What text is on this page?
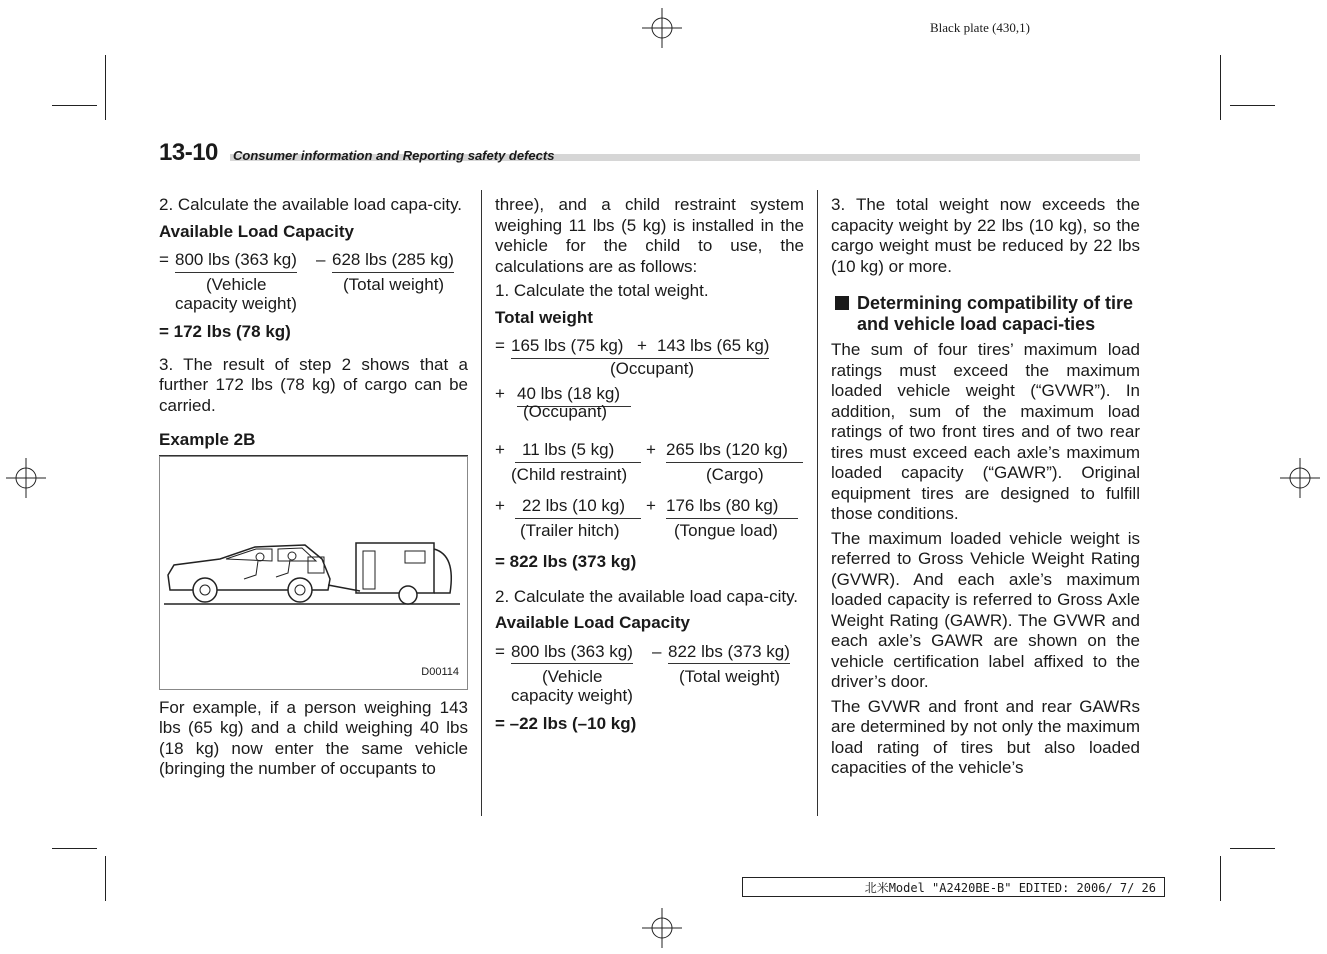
Black plate (430,1)
13-10 Consumer information and Reporting safety defects

2. Calculate the available load capa-city.

Available Load Capacity

= 800 lbs (363 kg) – 628 lbs (285 kg)
(Vehicle
capacity weight)
(Total weight)

= 172 lbs (78 kg)

3. The result of step 2 shows that a further 172 lbs (78 kg) of cargo can be carried.

Example 2B

D00114

For example, if a person weighing 143 lbs (65 kg) and a child weighing 40 lbs (18 kg) now enter the same vehicle (bringing the number of occupants to

three), and a child restraint system weighing 11 lbs (5 kg) is installed in the vehicle for the child to use, the calculations are as follows:

1. Calculate the total weight.

Total weight

= 165 lbs (75 kg) + 143 lbs (65 kg)
(Occupant)
+ 40 lbs (18 kg)
(Occupant)
+	11 lbs (5 kg)	+ 265 lbs (120 kg)
(Child restraint)	(Cargo)
+	22 lbs (10 kg)	+ 176 lbs (80 kg)
(Trailer hitch)	(Tongue load)

= 822 lbs (373 kg)

2. Calculate the available load capa-city.

Available Load Capacity

= 800 lbs (363 kg) – 822 lbs (373 kg)
(Vehicle
capacity weight)
(Total weight)

= –22 lbs (–10 kg)

3. The total weight now exceeds the capacity weight by 22 lbs (10 kg), so the cargo weight must be reduced by 22 lbs (10 kg) or more.

Determining compatibility of tire and vehicle load capaci-ties

The sum of four tires’ maximum load ratings must exceed the maximum loaded vehicle weight (“GVWR”). In addition, sum of the maximum load ratings of two front tires and of two rear tires must exceed each axle’s maximum loaded capacity (“GAWR”). Original equipment tires are designed to fulfill those conditions.

The maximum loaded vehicle weight is referred to Gross Vehicle Weight Rating (GVWR). And each axle’s maximum loaded capacity is referred to Gross Axle Weight Rating (GAWR). The GVWR and each axle’s GAWR are shown on the vehicle certification label affixed to the driver’s door.

The GVWR and front and rear GAWRs are determined by not only the maximum load rating of tires but also loaded capacities of the vehicle’s

北米Model "A2420BE-B" EDITED: 2006/ 7/ 26
